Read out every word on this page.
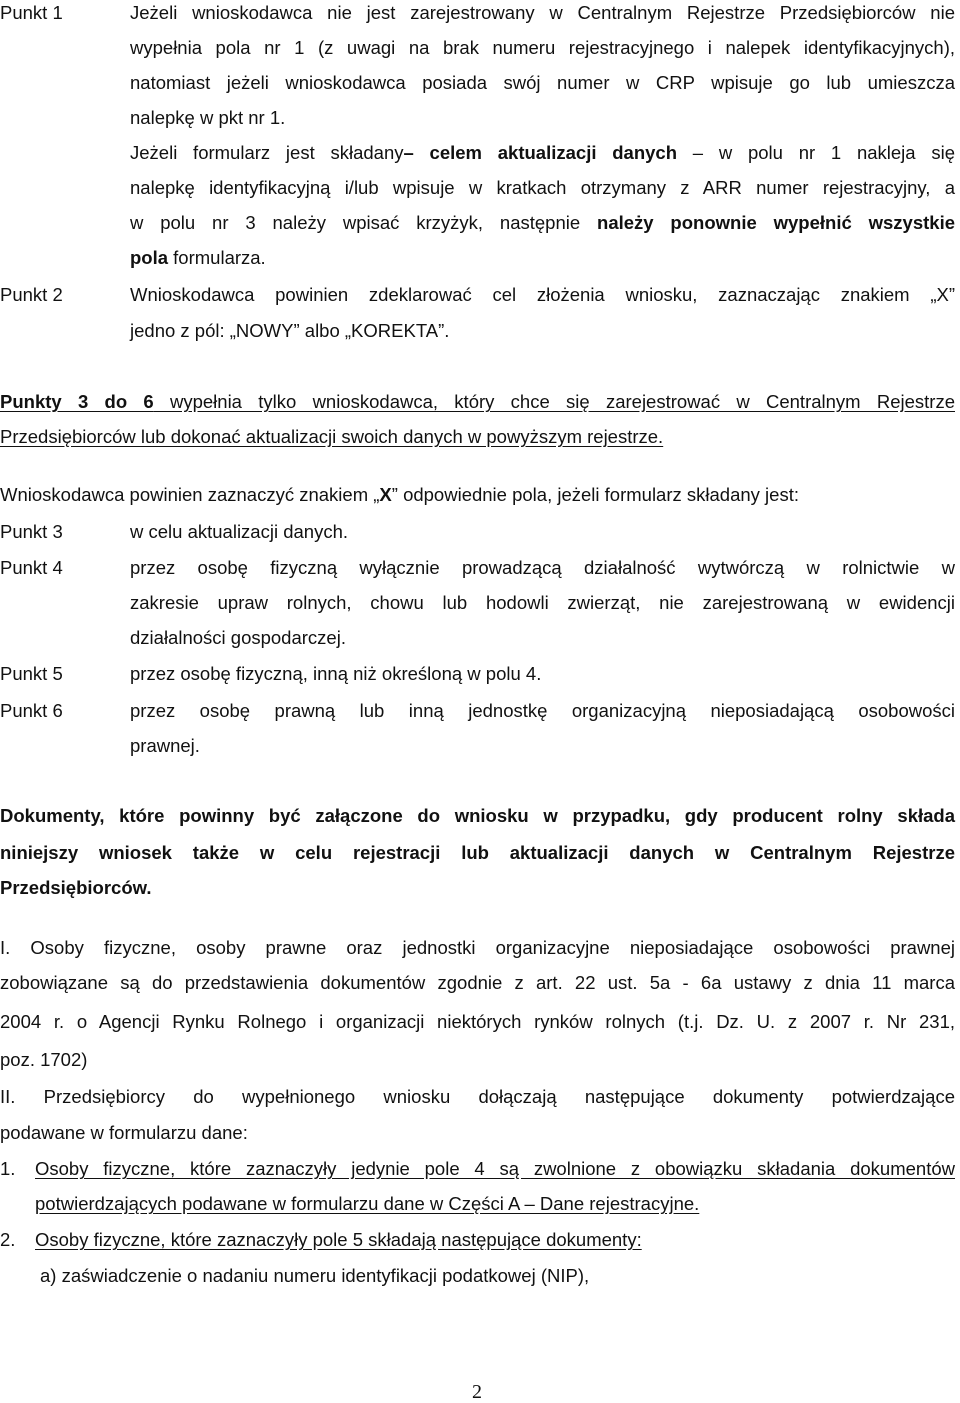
Punkt 1	Jeżeli wnioskodawca nie jest zarejestrowany w Centralnym Rejestrze Przedsiębiorców nie
wypełnia pola nr 1 (z uwagi na brak numeru rejestracyjnego i nalepek identyfikacyjnych),
natomiast jeżeli wnioskodawca posiada swój numer w CRP wpisuje go lub umieszcza
nalepkę w pkt nr 1.
Jeżeli formularz jest składany– celem aktualizacji danych – w polu nr 1 nakleja się
nalepkę identyfikacyjną i/lub wpisuje w kratkach otrzymany z ARR numer rejestracyjny, a
w polu nr 3 należy wpisać krzyżyk, następnie należy ponownie wypełnić wszystkie
pola formularza.
Punkt 2	Wnioskodawca powinien zdeklarować cel złożenia wniosku, zaznaczając znakiem „X”
jedno z pól: „NOWY” albo „KOREKTA”.
Punkty 3 do 6 wypełnia tylko wnioskodawca, który chce się zarejestrować w Centralnym Rejestrze
Przedsiębiorców lub dokonać aktualizacji swoich danych w powyższym rejestrze.
Wnioskodawca powinien zaznaczyć znakiem „X” odpowiednie pola, jeżeli formularz składany jest:
Punkt 3	w celu aktualizacji danych.
Punkt 4	przez osobę fizyczną wyłącznie prowadzącą działalność wytwórczą w rolnictwie w
zakresie upraw rolnych, chowu lub hodowli zwierząt, nie zarejestrowaną w ewidencji
działalności gospodarczej.
Punkt 5	przez osobę fizyczną, inną niż określoną w polu 4.
Punkt 6	przez osobę prawną lub inną jednostkę organizacyjną nieposiadającą osobowości
prawnej.
Dokumenty, które powinny być załączone do wniosku w przypadku, gdy producent rolny składa
niniejszy wniosek także w celu rejestracji lub aktualizacji danych w Centralnym Rejestrze
Przedsiębiorców.
I. Osoby fizyczne, osoby prawne oraz jednostki organizacyjne nieposiadające osobowości prawnej
zobowiązane są do przedstawienia dokumentów zgodnie z art. 22 ust. 5a - 6a ustawy z dnia 11 marca
2004 r. o Agencji Rynku Rolnego i organizacji niektórych rynków rolnych (t.j. Dz. U. z 2007 r. Nr 231,
poz. 1702)
II. Przedsiębiorcy do wypełnionego wniosku dołączają następujące dokumenty potwierdzające
podawane w formularzu dane:
1. Osoby fizyczne, które zaznaczyły jedynie pole 4 są zwolnione z obowiązku składania dokumentów
potwierdzających podawane w formularzu dane w Części A – Dane rejestracyjne.
2. Osoby fizyczne, które zaznaczyły pole 5 składają następujące dokumenty:
a) zaświadczenie o nadaniu numeru identyfikacji podatkowej (NIP),
2
